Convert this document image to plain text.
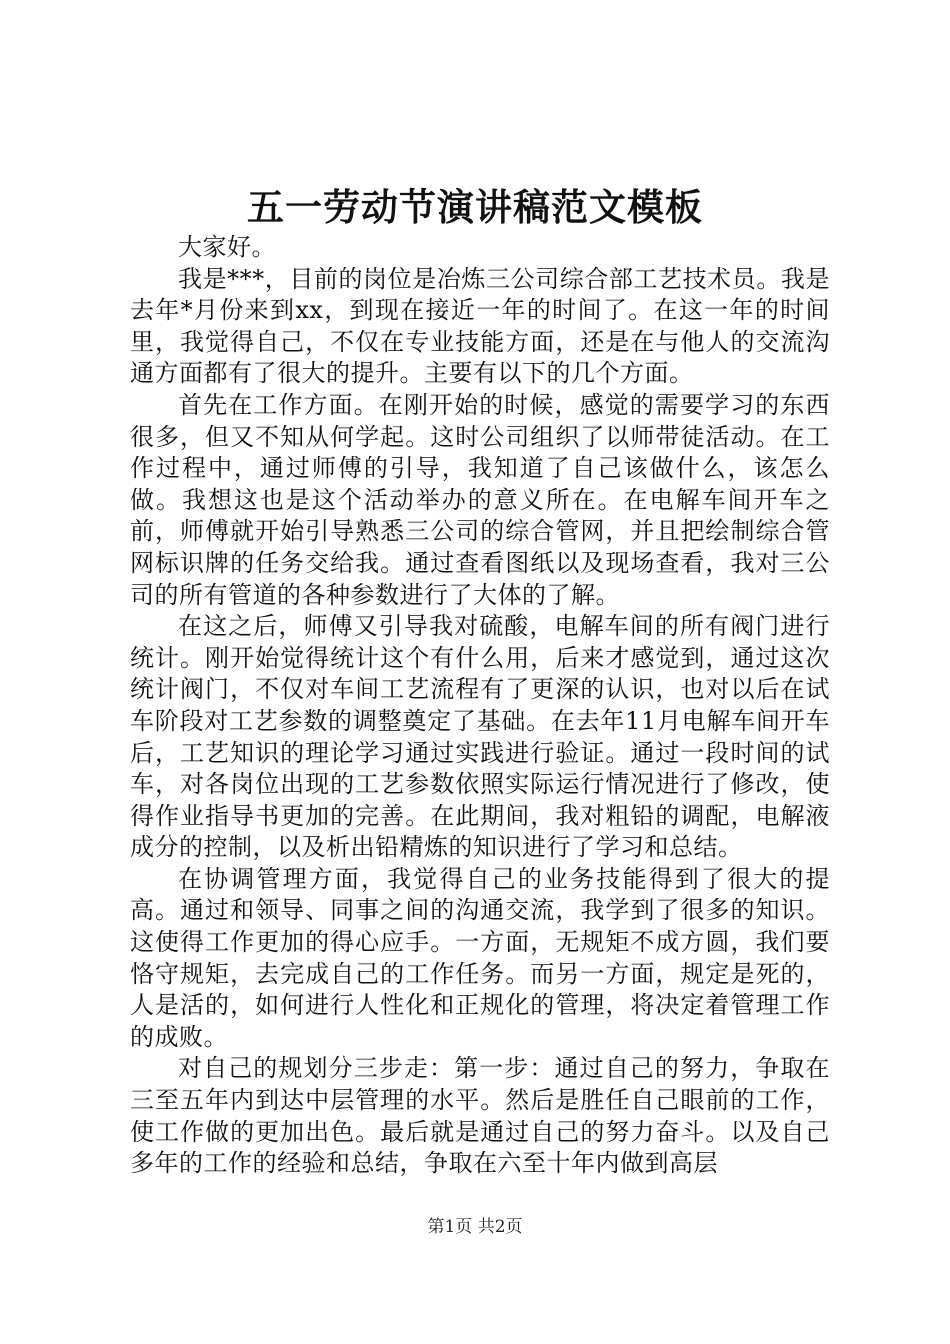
五一劳动节演讲稿范文模板

大家好。

我是***，目前的岗位是冶炼三公司综合部工艺技术员。我是去年*月份来到xx，到现在接近一年的时间了。在这一年的时间里，我觉得自己，不仅在专业技能方面，还是在与他人的交流沟通方面都有了很大的提升。主要有以下的几个方面。

首先在工作方面。在刚开始的时候，感觉的需要学习的东西很多，但又不知从何学起。这时公司组织了以师带徒活动。在工作过程中，通过师傅的引导，我知道了自己该做什么，该怎么做。我想这也是这个活动举办的意义所在。在电解车间开车之前，师傅就开始引导熟悉三公司的综合管网，并且把绘制综合管网标识牌的任务交给我。通过查看图纸以及现场查看，我对三公司的所有管道的各种参数进行了大体的了解。

在这之后，师傅又引导我对硫酸，电解车间的所有阀门进行统计。刚开始觉得统计这个有什么用，后来才感觉到，通过这次统计阀门，不仅对车间工艺流程有了更深的认识，也对以后在试车阶段对工艺参数的调整奠定了基础。在去年11月电解车间开车后，工艺知识的理论学习通过实践进行验证。通过一段时间的试车，对各岗位出现的工艺参数依照实际运行情况进行了修改，使得作业指导书更加的完善。在此期间，我对粗铅的调配，电解液成分的控制，以及析出铅精炼的知识进行了学习和总结。

在协调管理方面，我觉得自己的业务技能得到了很大的提高。通过和领导、同事之间的沟通交流，我学到了很多的知识。这使得工作更加的得心应手。一方面，无规矩不成方圆，我们要恪守规矩，去完成自己的工作任务。而另一方面，规定是死的，人是活的，如何进行人性化和正规化的管理，将决定着管理工作的成败。

对自己的规划分三步走：第一步：通过自己的努力，争取在三至五年内到达中层管理的水平。然后是胜任自己眼前的工作，使工作做的更加出色。最后就是通过自己的努力奋斗。以及自己多年的工作的经验和总结，争取在六至十年内做到高层

第1页 共2页
